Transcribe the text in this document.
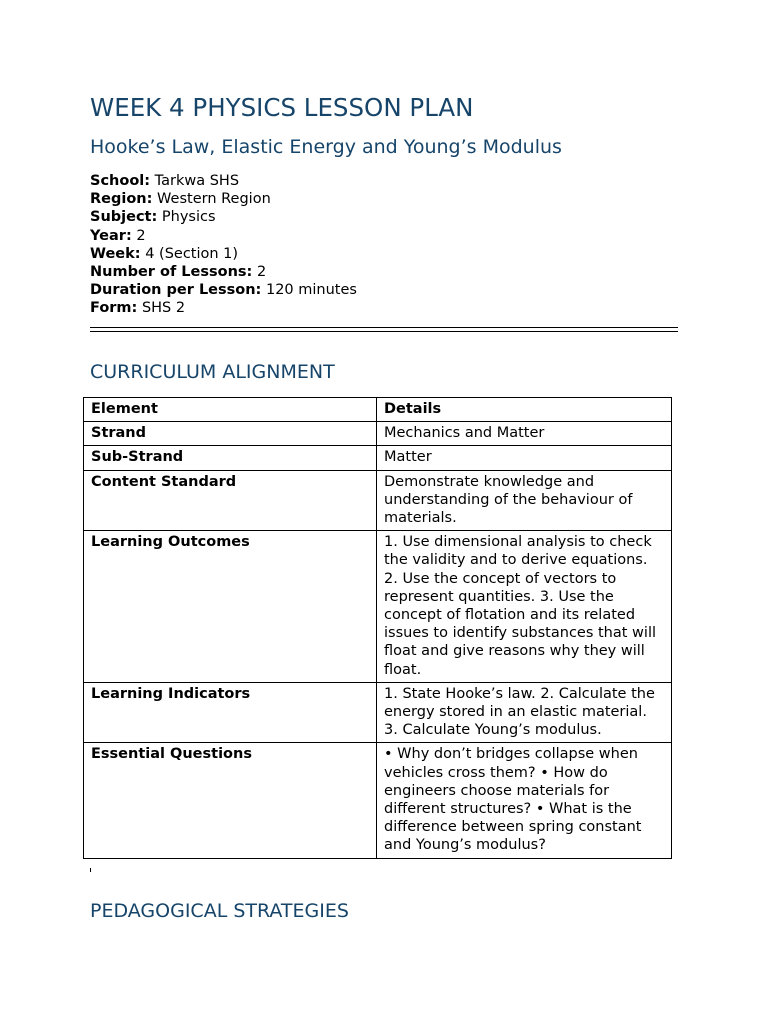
WEEK 4 PHYSICS LESSON PLAN
Hooke’s Law, Elastic Energy and Young’s Modulus
School: Tarkwa SHS
Region: Western Region
Subject: Physics
Year: 2
Week: 4 (Section 1)
Number of Lessons: 2
Duration per Lesson: 120 minutes
Form: SHS 2
CURRICULUM ALIGNMENT
Element	Details
Strand	Mechanics and Matter
Sub-Strand	Matter
Content Standard	Demonstrate knowledge and understanding of the behaviour of materials.
Learning Outcomes	1. Use dimensional analysis to check the validity and to derive equations. 2. Use the concept of vectors to represent quantities. 3. Use the concept of flotation and its related issues to identify substances that will float and give reasons why they will float.
Learning Indicators	1. State Hooke’s law. 2. Calculate the energy stored in an elastic material. 3. Calculate Young’s modulus.
Essential Questions	• Why don’t bridges collapse when vehicles cross them? • How do engineers choose materials for different structures? • What is the difference between spring constant and Young’s modulus?
PEDAGOGICAL STRATEGIES
